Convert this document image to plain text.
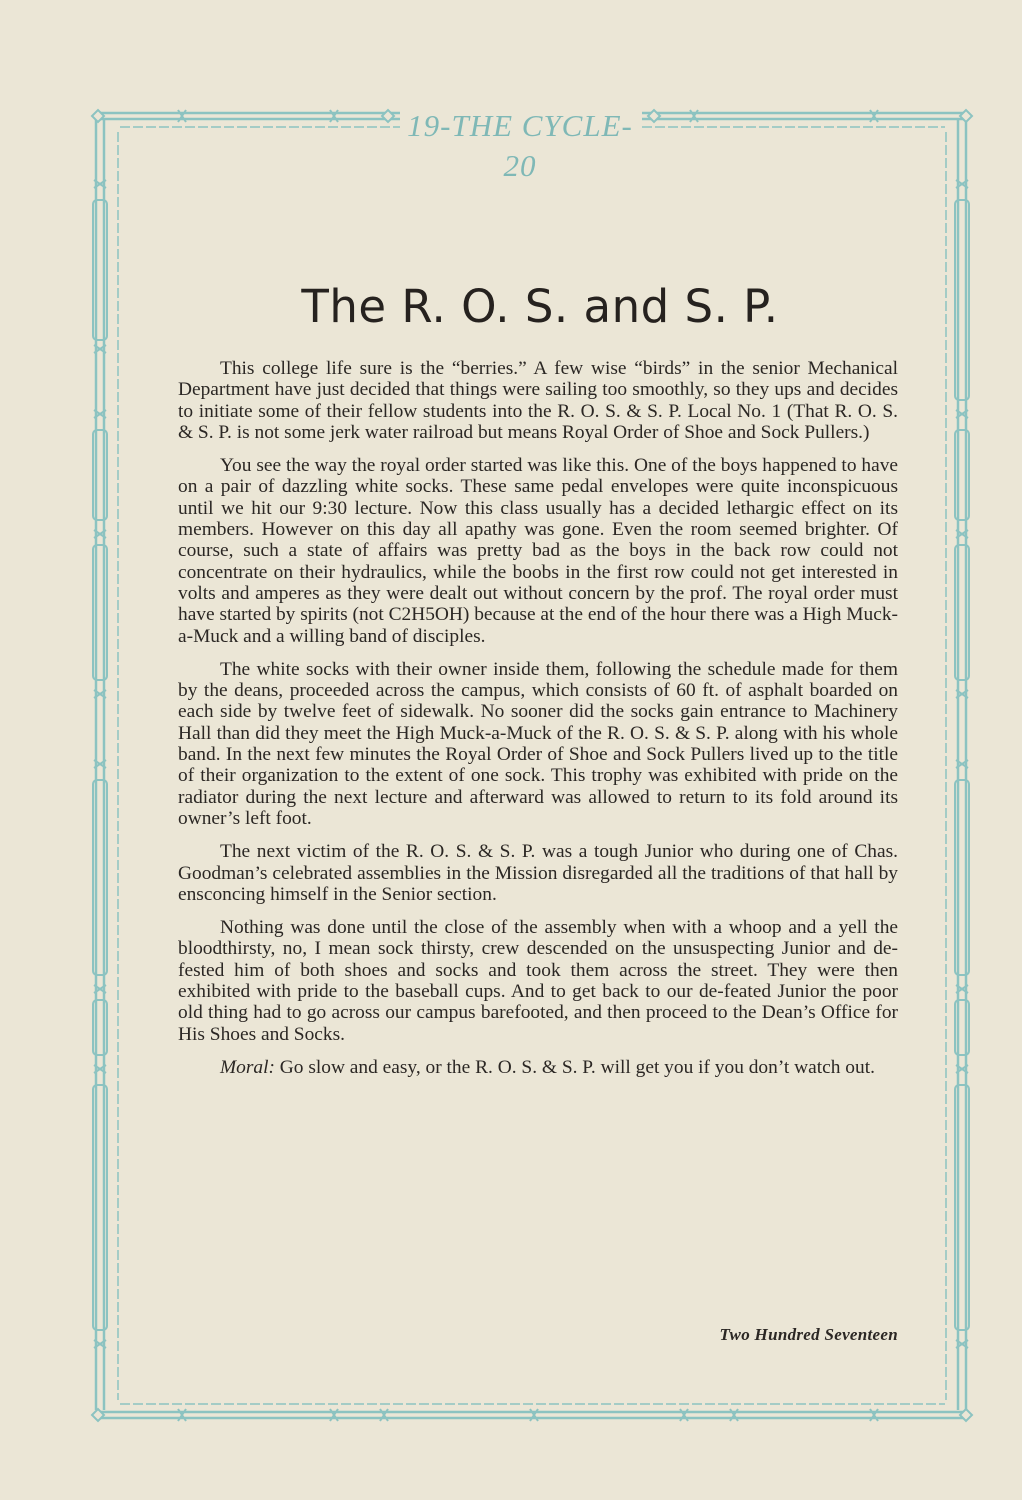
19-THE CYCLE-20
The R. O. S. and S. P.

This college life sure is the “berries.” A few wise “birds” in the senior Mechanical Department have just decided that things were sailing too smoothly, so they ups and decides to initiate some of their fellow students into the R. O. S. & S. P. Local No. 1 (That R. O. S. & S. P. is not some jerk water railroad but means Royal Order of Shoe and Sock Pullers.)

You see the way the royal order started was like this. One of the boys happened to have on a pair of dazzling white socks. These same pedal envelopes were quite inconspicuous until we hit our 9:30 lecture. Now this class usually has a decided lethargic effect on its members. However on this day all apathy was gone. Even the room seemed brighter. Of course, such a state of affairs was pretty bad as the boys in the back row could not concentrate on their hydraulics, while the boobs in the first row could not get interested in volts and amperes as they were dealt out without concern by the prof. The royal order must have started by spirits (not C2H5OH) because at the end of the hour there was a High Muck-a-Muck and a willing band of disciples.

The white socks with their owner inside them, following the schedule made for them by the deans, proceeded across the campus, which consists of 60 ft. of asphalt boarded on each side by twelve feet of sidewalk. No sooner did the socks gain entrance to Machinery Hall than did they meet the High Muck-a-Muck of the R. O. S. & S. P. along with his whole band. In the next few minutes the Royal Order of Shoe and Sock Pullers lived up to the title of their organization to the extent of one sock. This trophy was exhibited with pride on the radiator during the next lecture and afterward was allowed to return to its fold around its owner’s left foot.

The next victim of the R. O. S. & S. P. was a tough Junior who during one of Chas. Goodman’s celebrated assemblies in the Mission disregarded all the traditions of that hall by ensconcing himself in the Senior section.

Nothing was done until the close of the assembly when with a whoop and a yell the bloodthirsty, no, I mean sock thirsty, crew descended on the unsuspecting Junior and de-fested him of both shoes and socks and took them across the street. They were then exhibited with pride to the baseball cups. And to get back to our de-feated Junior the poor old thing had to go across our campus barefooted, and then proceed to the Dean’s Office for His Shoes and Socks.

Moral: Go slow and easy, or the R. O. S. & S. P. will get you if you don’t watch out.

Two Hundred Seventeen
